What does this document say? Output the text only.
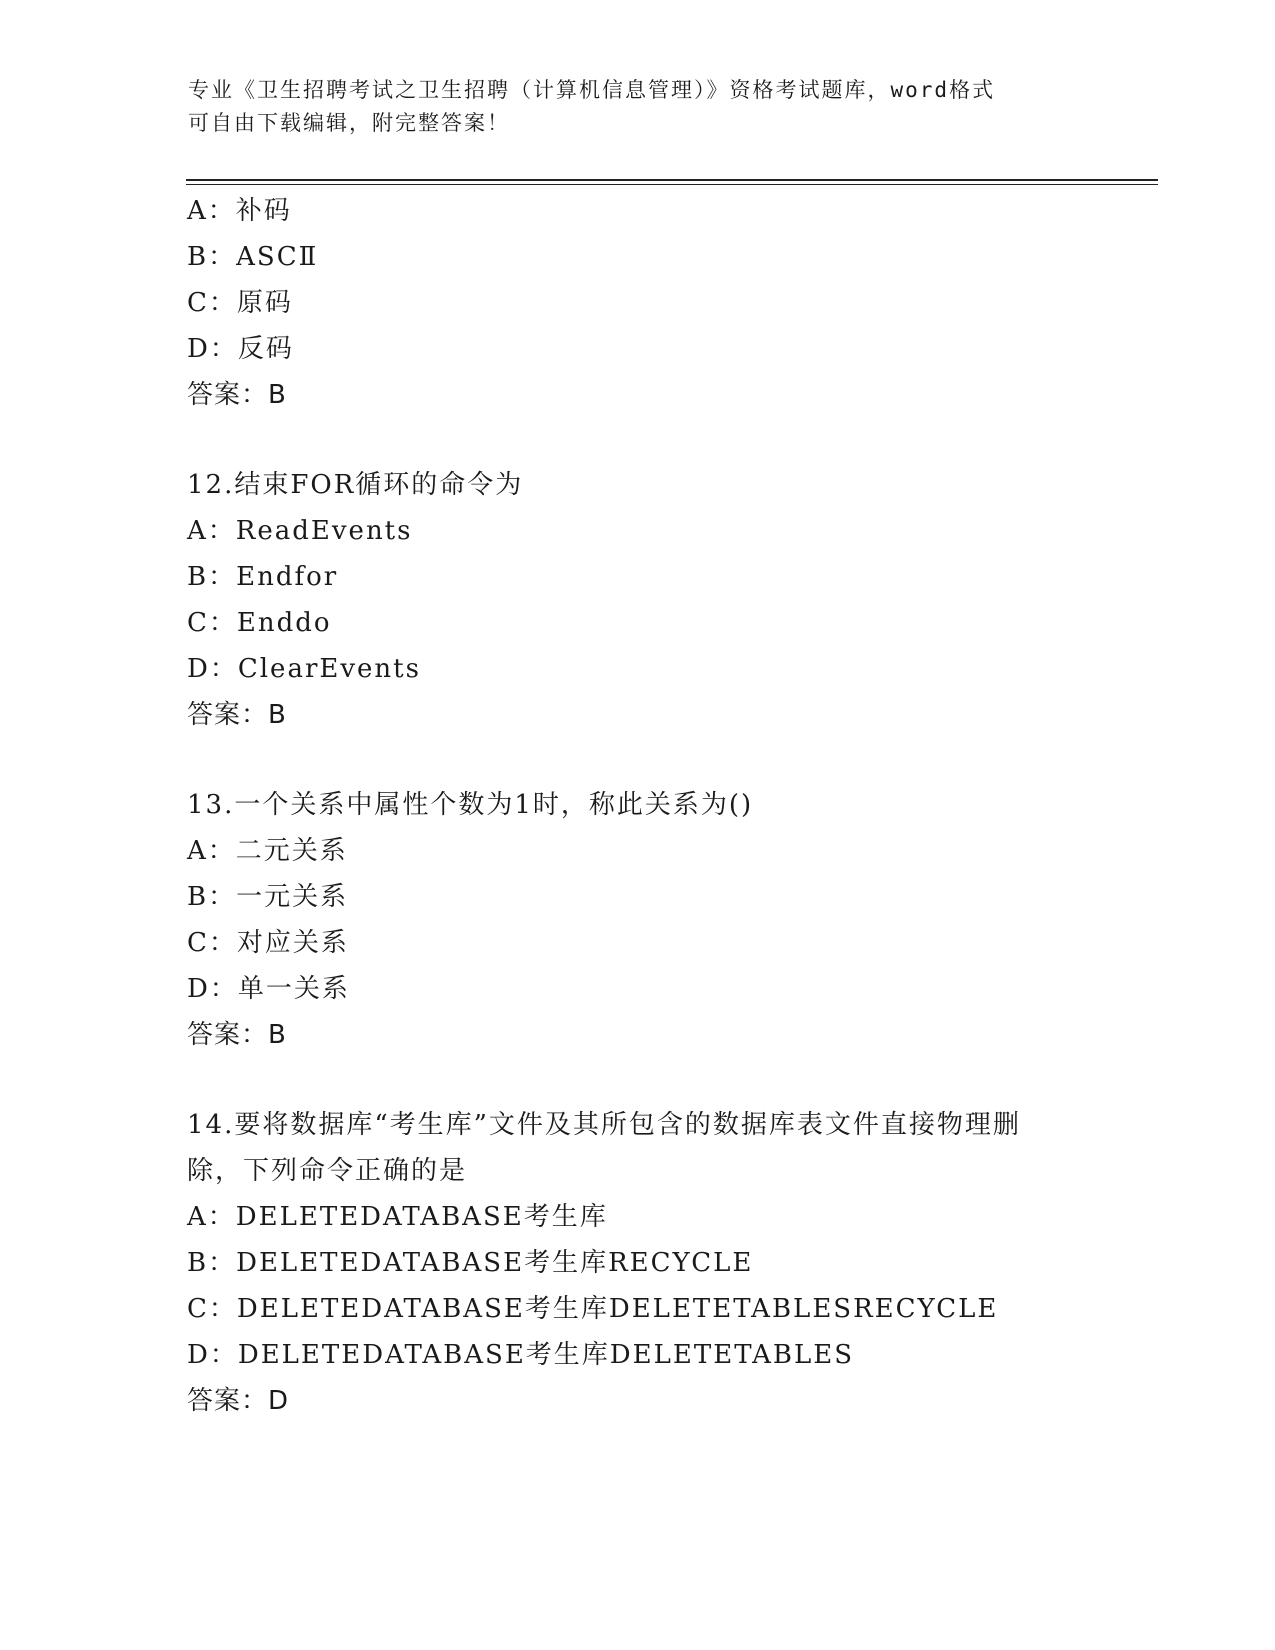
专业《卫生招聘考试之卫生招聘（计算机信息管理）》资格考试题库，word格式
可自由下载编辑，附完整答案！
A：补码
B：ASCⅡ
C：原码
D：反码
答案：B
12.结束FOR循环的命令为
A：ReadEvents
B：Endfor
C：Enddo
D：ClearEvents
答案：B
13.一个关系中属性个数为1时，称此关系为()
A：二元关系
B：一元关系
C：对应关系
D：单一关系
答案：B
14.要将数据库“考生库”文件及其所包含的数据库表文件直接物理删
除，下列命令正确的是
A：DELETEDATABASE考生库
B：DELETEDATABASE考生库RECYCLE
C：DELETEDATABASE考生库DELETETABLESRECYCLE
D：DELETEDATABASE考生库DELETETABLES
答案：D
